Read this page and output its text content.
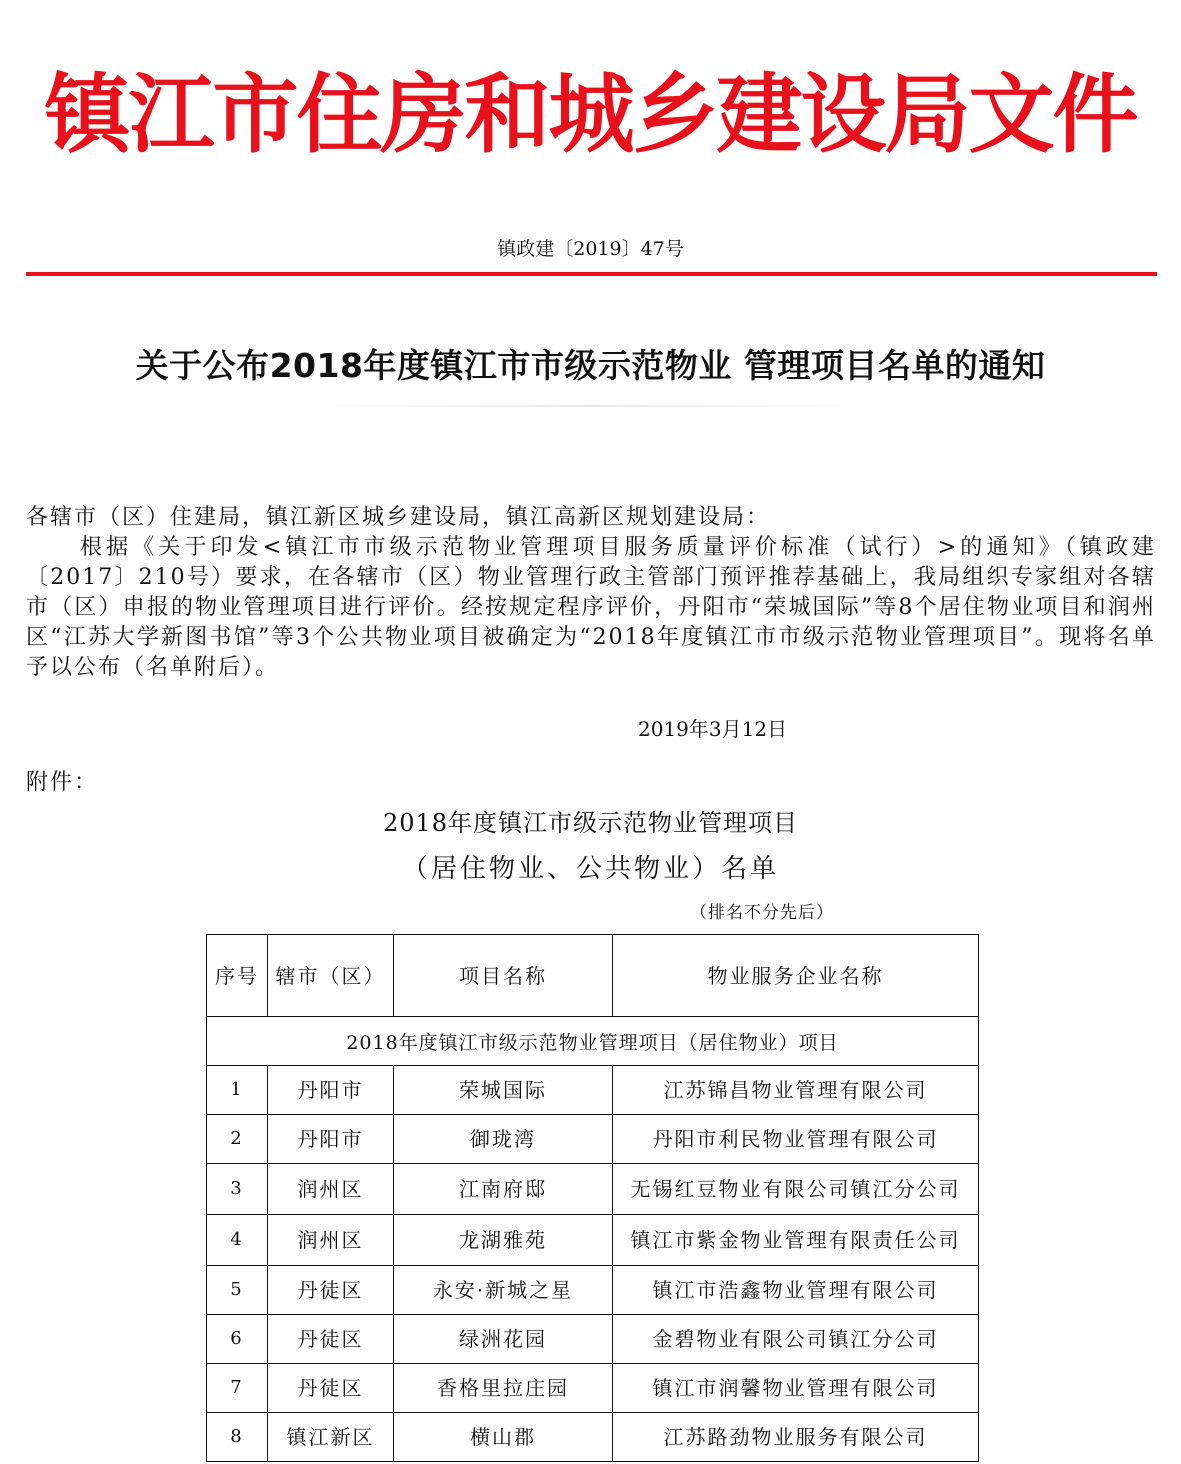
镇江市住房和城乡建设局文件
镇政建〔2019〕47号
关于公布2018年度镇江市市级示范物业 管理项目名单的通知
各辖市（区）住建局，镇江新区城乡建设局，镇江高新区规划建设局：
根据《关于印发<镇江市市级示范物业管理项目服务质量评价标准（试行）>的通知》（镇政建〔2017〕210号）要求，在各辖市（区）物业管理行政主管部门预评推荐基础上，我局组织专家组对各辖市（区）申报的物业管理项目进行评价。经按规定程序评价，丹阳市“荣城国际”等8个居住物业项目和润州区“江苏大学新图书馆”等3个公共物业项目被确定为“2018年度镇江市市级示范物业管理项目”。现将名单予以公布（名单附后）。
2019年3月12日
附件：
2018年度镇江市级示范物业管理项目
（居住物业、公共物业）名单
（排名不分先后）
序号	辖市（区）	项目名称	物业服务企业名称
2018年度镇江市级示范物业管理项目（居住物业）项目			
1	丹阳市	荣城国际	江苏锦昌物业管理有限公司
2	丹阳市	御珑湾	丹阳市利民物业管理有限公司
3	润州区	江南府邸	无锡红豆物业有限公司镇江分公司
4	润州区	龙湖雅苑	镇江市紫金物业管理有限责任公司
5	丹徒区	永安·新城之星	镇江市浩鑫物业管理有限公司
6	丹徒区	绿洲花园	金碧物业有限公司镇江分公司
7	丹徒区	香格里拉庄园	镇江市润馨物业管理有限公司
8	镇江新区	横山郡	江苏路劲物业服务有限公司
